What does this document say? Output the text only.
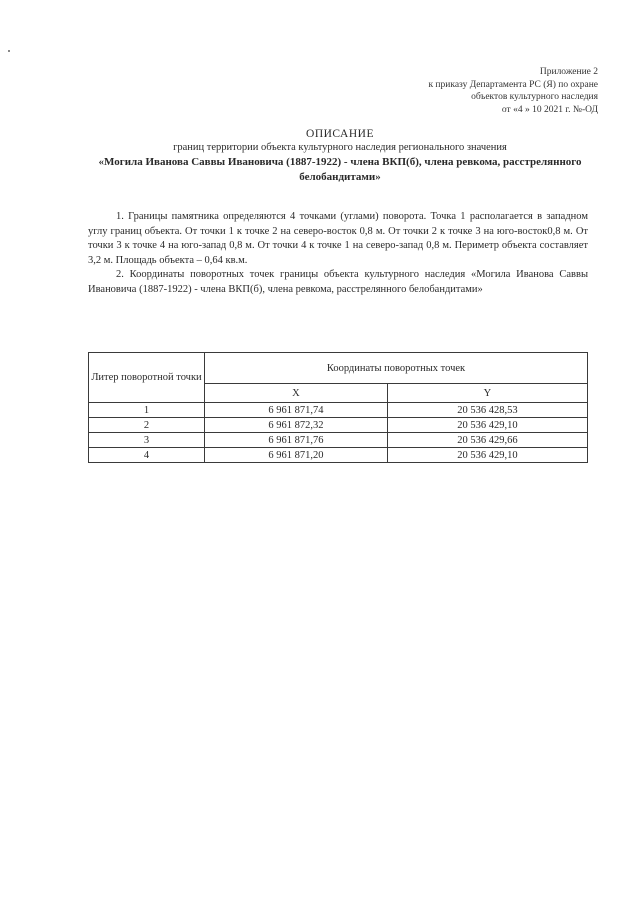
Приложение 2
к приказу Департамента РС (Я) по охране
объектов культурного наследия
от «4 » 10 2021 г. №-ОД
ОПИСАНИЕ
границ территории объекта культурного наследия регионального значения
«Могила Иванова Саввы Ивановича (1887-1922) - члена ВКП(б), члена ревкома, расстрелянного белобандитами»

1. Границы памятника определяются 4 точками (углами) поворота. Точка 1 располагается в западном углу границ объекта. От точки 1 к точке 2 на северо-восток 0,8 м. От точки 2 к точке 3 на юго-восток0,8 м. От точки 3 к точке 4 на юго-запад 0,8 м. От точки 4 к точке 1 на северо-запад 0,8 м. Периметр объекта составляет 3,2 м. Площадь объекта – 0,64 кв.м.

2. Координаты поворотных точек границы объекта культурного наследия «Могила Иванова Саввы Ивановича (1887-1922) - члена ВКП(б), члена ревкома, расстрелянного белобандитами»

Литер поворотной точки	Координаты поворотных точек	
	X	Y
1	6 961 871,74	20 536 428,53
2	6 961 872,32	20 536 429,10
3	6 961 871,76	20 536 429,66
4	6 961 871,20	20 536 429,10
